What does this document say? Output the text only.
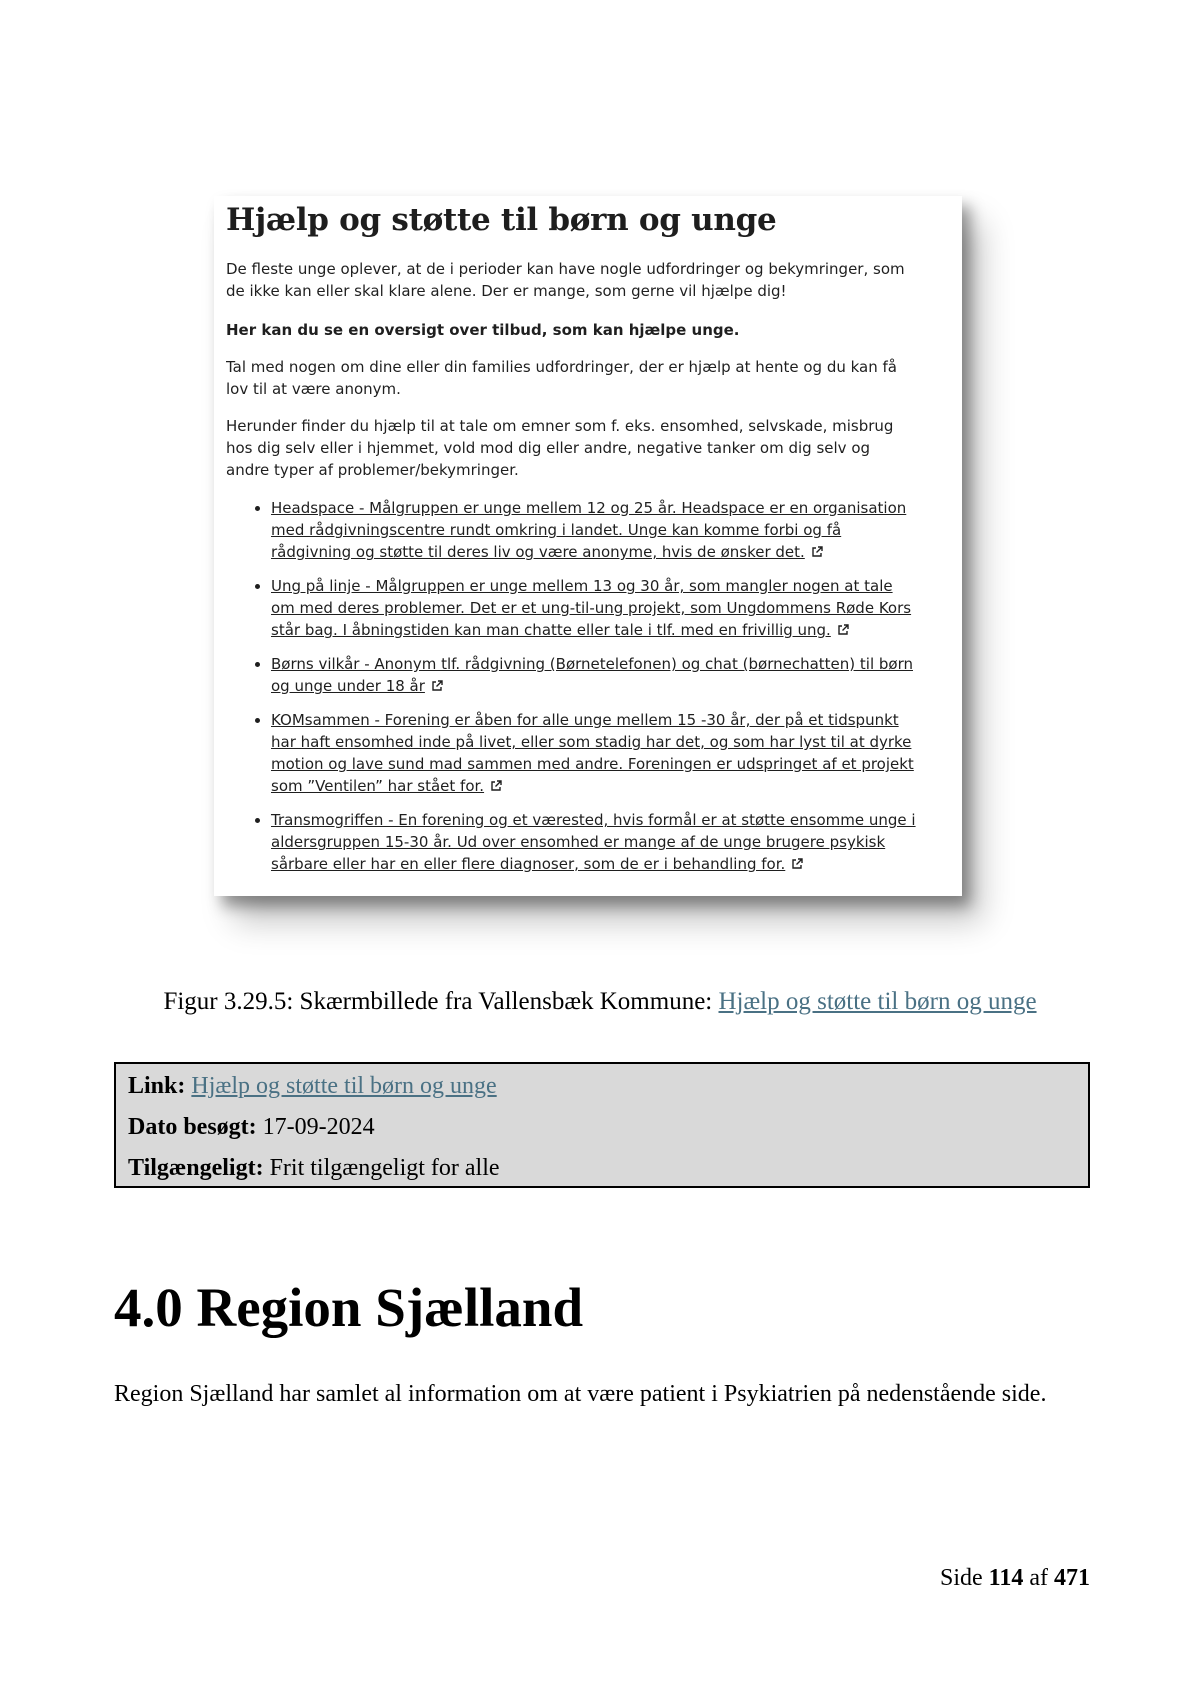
Hjælp og støtte til børn og unge

De fleste unge oplever, at de i perioder kan have nogle udfordringer og bekymringer, som de ikke kan eller skal klare alene. Der er mange, som gerne vil hjælpe dig!

Her kan du se en oversigt over tilbud, som kan hjælpe unge.

Tal med nogen om dine eller din families udfordringer, der er hjælp at hente og du kan få lov til at være anonym.

Herunder finder du hjælp til at tale om emner som f. eks. ensomhed, selvskade, misbrug hos dig selv eller i hjemmet, vold mod dig eller andre, negative tanker om dig selv og andre typer af problemer/bekymringer.

• Headspace - Målgruppen er unge mellem 12 og 25 år. Headspace er en organisation med rådgivningscentre rundt omkring i landet. Unge kan komme forbi og få rådgivning og støtte til deres liv og være anonyme, hvis de ønsker det.
• Ung på linje - Målgruppen er unge mellem 13 og 30 år, som mangler nogen at tale om med deres problemer. Det er et ung-til-ung projekt, som Ungdommens Røde Kors står bag. I åbningstiden kan man chatte eller tale i tlf. med en frivillig ung.
• Børns vilkår - Anonym tlf. rådgivning (Børnetelefonen) og chat (børnechatten) til børn og unge under 18 år
• KOMsammen - Forening er åben for alle unge mellem 15 -30 år, der på et tidspunkt har haft ensomhed inde på livet, eller som stadig har det, og som har lyst til at dyrke motion og lave sund mad sammen med andre. Foreningen er udspringet af et projekt som ”Ventilen” har stået for.
• Transmogriffen - En forening og et værested, hvis formål er at støtte ensomme unge i aldersgruppen 15-30 år. Ud over ensomhed er mange af de unge brugere psykisk sårbare eller har en eller flere diagnoser, som de er i behandling for.
Figur 3.29.5: Skærmbillede fra Vallensbæk Kommune: Hjælp og støtte til børn og unge
Link: Hjælp og støtte til børn og unge
Dato besøgt: 17-09-2024
Tilgængeligt: Frit tilgængeligt for alle
4.0 Region Sjælland

Region Sjælland har samlet al information om at være patient i Psykiatrien på nedenstående side.

Side 114 af 471
